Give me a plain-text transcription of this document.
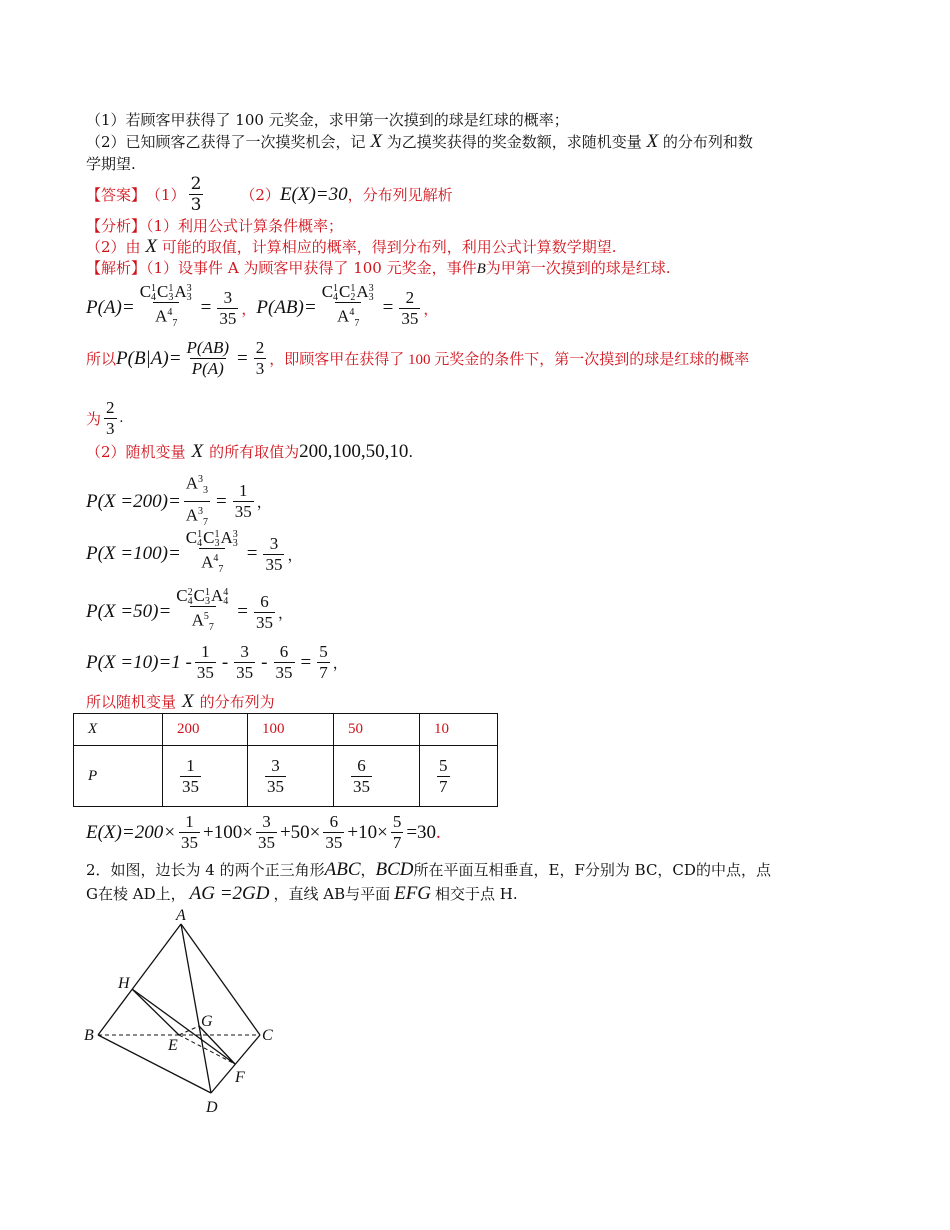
（1）若顾客甲获得了 100 元奖金，求甲第一次摸到的球是红球的概率；
（2）已知顾客乙获得了一次摸奖机会，记 X 为乙摸奖获得的奖金数额，求随机变量 X 的分布列和数
学期望.
【答案】 （1）
2
3
（2） E(X)=30 ，分布列见解析
【分析】（1）利用公式计算条件概率；
（2）由 X 可能的取值，计算相应的概率，得到分布列，利用公式计算数学期望.
【解析】（1）设事件 A 为顾客甲获得了 100 元奖金，事件B为甲第一次摸到的球是红球.
P(A)= C 1
4 C 1
3 A 3
3
$A^4_7 = \frac{3}{35}$ ， P(AB)= C 1
4 C 1
2 A 3
3
$A^4_7 = \frac{2}{35}$ ，
所以 $P(B|A)= \frac{P(AB)}{P(A)} = \frac{2}{3}$ ，即顾客甲在获得了 100 元奖金的条件下，第一次摸到的球是红球的概率
为
2
3
.
（2）随机变量 X 的所有取值为 200,100,50,10 .
$P(X =200)= \frac{A^3_3}{A^3_7} = \frac{1}{35}$ ，
P(X =100)= C 1
4 C 1
3 A 3
3
$A^4_7 = \frac{3}{35}$ ，
P(X =50)= C 2
4 C 1
3 A 4
4
$A^5_7 = \frac{6}{35}$ ，
P(X =10)=1 - 1
35 - 3
$35 - \frac{6}{35} = \frac{5}{7}$ ，
所以随机变量 X 的分布列为
X	200	100	50	10
P	$\frac{1}{35}$	$\frac{3}{35}$	$\frac{6}{35}$	$\frac{5}{7}$
$E(X)=200\times \frac{1}{35} +100\times \frac{3}{35} +50\times \frac{6}{35} +10\times \frac{5}{7} =30$ .
2．如图，边长为 4 的两个正三角形 ABC ， BCD 所在平面互相垂直，E，F分别为 BC，CD的中点，点
G在棱 AD上， AG =2GD ，直线 AB与平面 EFG 相交于点 H.
A
B	C
D
E
F
G
H
